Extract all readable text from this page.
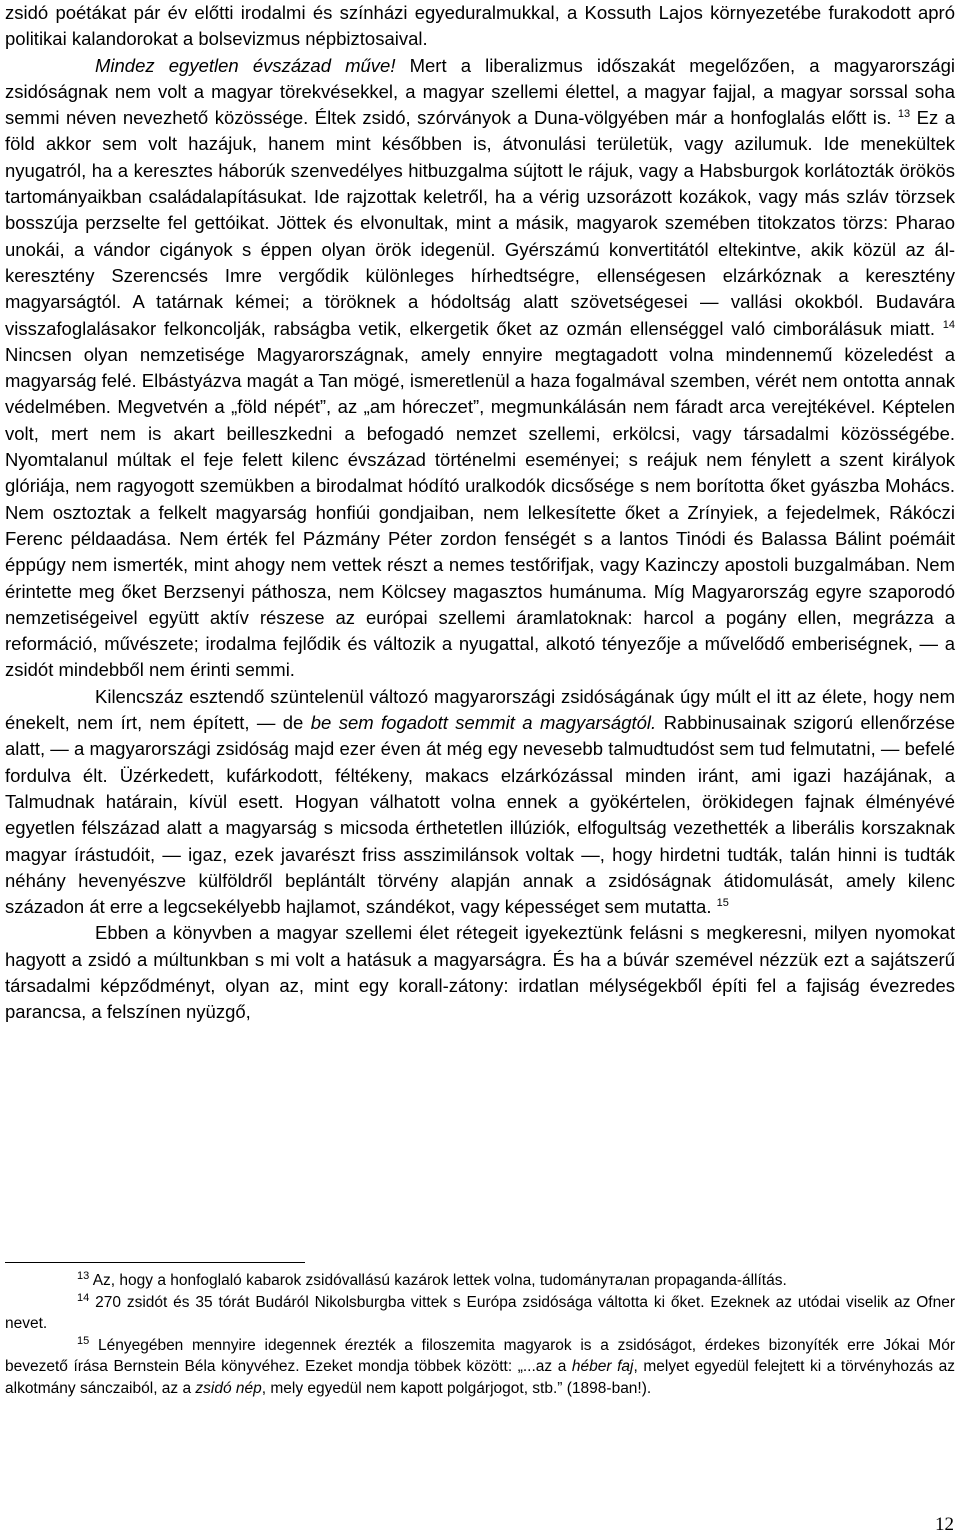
zsidó poétákat pár év előtti irodalmi és színházi egyeduralmukkal, a Kossuth Lajos környezetébe furakodott apró politikai kalandorokat a bolsevizmus népbiztosaival.

Mindez egyetlen évszázad műve! Mert a liberalizmus időszakát megelőzően, a magyarországi zsidóságnak nem volt a magyar törekvésekkel, a magyar szellemi élettel, a magyar fajjal, a magyar sorssal soha semmi néven nevezhető közössége. Éltek zsidó, szórványok a Duna-völgyében már a honfoglalás előtt is. $^{13}$ Ez a föld akkor sem volt hazájuk, hanem mint későbben is, átvonulási területük, vagy azilumuk. Ide menekültek nyugatról, ha a keresztes háborúk szenvedélyes hitbuzgalma sújtott le rájuk, vagy a Habsburgok korlátozták örökös tartományaikban családalapításukat. Ide rajzottak keletről, ha a vérig uzsorázott kozákok, vagy más szláv törzsek bosszúja perzselte fel gettóikat. Jöttek és elvonultak, mint a másik, magyarok szemében titokzatos törzs: Pharao unokái, a vándor cigányok s éppen olyan örök idegenül. Gyérszámú konvertitától eltekintve, akik közül az ál-keresztény Szerencsés Imre vergődik különleges hírhedtségre, ellenségesen elzárkóznak a keresztény magyarságtól. A tatárnak kémei; a töröknek a hódoltság alatt szövetségesei — vallási okokból. Budavára visszafoglalásakor felkoncolják, rabságba vetik, elkergetik őket az ozmán ellenséggel való cimborálásuk miatt. $^{14}$ Nincsen olyan nemzetisége Magyarországnak, amely ennyire megtagadott volna mindennemű közeledést a magyarság felé. Elbástyázva magát a Tan mögé, ismeretlenül a haza fogalmával szemben, vérét nem ontotta annak védelmében. Megvetvén a „föld népét”, az „am hóreczet”, megmunkálásán nem fáradt arca verejtékével. Képtelen volt, mert nem is akart beilleszkedni a befogadó nemzet szellemi, erkölcsi, vagy társadalmi közösségébe. Nyomtalanul múltak el feje felett kilenc évszázad történelmi eseményei; s reájuk nem fénylett a szent királyok glóriája, nem ragyogott szemükben a birodalmat hódító uralkodók dicsősége s nem borította őket gyászba Mohács. Nem osztoztak a felkelt magyarság honfiúi gondjaiban, nem lelkesítette őket a Zrínyiek, a fejedelmek, Rákóczi Ferenc példaadása. Nem érték fel Pázmány Péter zordon fenségét s a lantos Tinódi és Balassa Bálint poémáit éppúgy nem ismerték, mint ahogy nem vettek részt a nemes testőrifjak, vagy Kazinczy apostoli buzgalmában. Nem érintette meg őket Berzsenyi páthosza, nem Kölcsey magasztos humánuma. Míg Magyarország egyre szaporodó nemzetiségeivel együtt aktív részese az európai szellemi áramlatoknak: harcol a pogány ellen, megrázza a reformáció, művészete; irodalma fejlődik és változik a nyugattal, alkotó tényezője a művelődő emberiségnek, — a zsidót mindebből nem érinti semmi.

Kilencszáz esztendő szüntelenül változó magyarországi zsidóságának úgy múlt el itt az élete, hogy nem énekelt, nem írt, nem épített, — de be sem fogadott semmit a magyarságtól. Rabbinusainak szigorú ellenőrzése alatt, — a magyarországi zsidóság majd ezer éven át még egy nevesebb talmudtudóst sem tud felmutatni, — befelé fordulva élt. Üzérkedett, kufárkodott, féltékeny, makacs elzárkózással minden iránt, ami igazi hazájának, a Talmudnak határain, kívül esett. Hogyan válhatott volna ennek a gyökértelen, örökidegen fajnak élményévé egyetlen félszázad alatt a magyarság s micsoda érthetetlen illúziók, elfogultság vezethették a liberális korszaknak magyar írástudóit, — igaz, ezek javarészt friss asszimilánsok voltak —, hogy hirdetni tudták, talán hinni is tudták néhány hevenyészve külföldről beplántált törvény alapján annak a zsidóságnak átidomulását, amely kilenc századon át erre a legcsekélyebb hajlamot, szándékot, vagy képességet sem mutatta. $^{15}$

Ebben a könyvben a magyar szellemi élet rétegeit igyekeztünk felásni s megkeresni, milyen nyomokat hagyott a zsidó a múltunkban s mi volt a hatásuk a magyarságra. És ha a búvár szemével nézzük ezt a sajátszerű társadalmi képződményt, olyan az, mint egy korall-zátony: irdatlan mélységekből építi fel a fajiság évezredes parancsa, a felszínen nyüzgő,

$^{13}$ Az, hogy a honfoglaló kabarok zsidóvallású kazárok lettek volna, tudományталan propaganda-állítás.

$^{14}$ 270 zsidót és 35 tórát Budáról Nikolsburgba vittek s Európa zsidósága váltotta ki őket. Ezeknek az utódai viselik az Ofner nevet.

$^{15}$ Lényegében mennyire idegennek érezték a filoszemita magyarok is a zsidóságot, érdekes bizonyíték erre Jókai Mór bevezető írása Bernstein Béla könyvéhez. Ezeket mondja többek között: „...az a héber faj, melyet egyedül felejtett ki a törvényhozás az alkotmány sánczaiból, az a zsidó nép, mely egyedül nem kapott polgárjogot, stb.” (1898-ban!).

12
